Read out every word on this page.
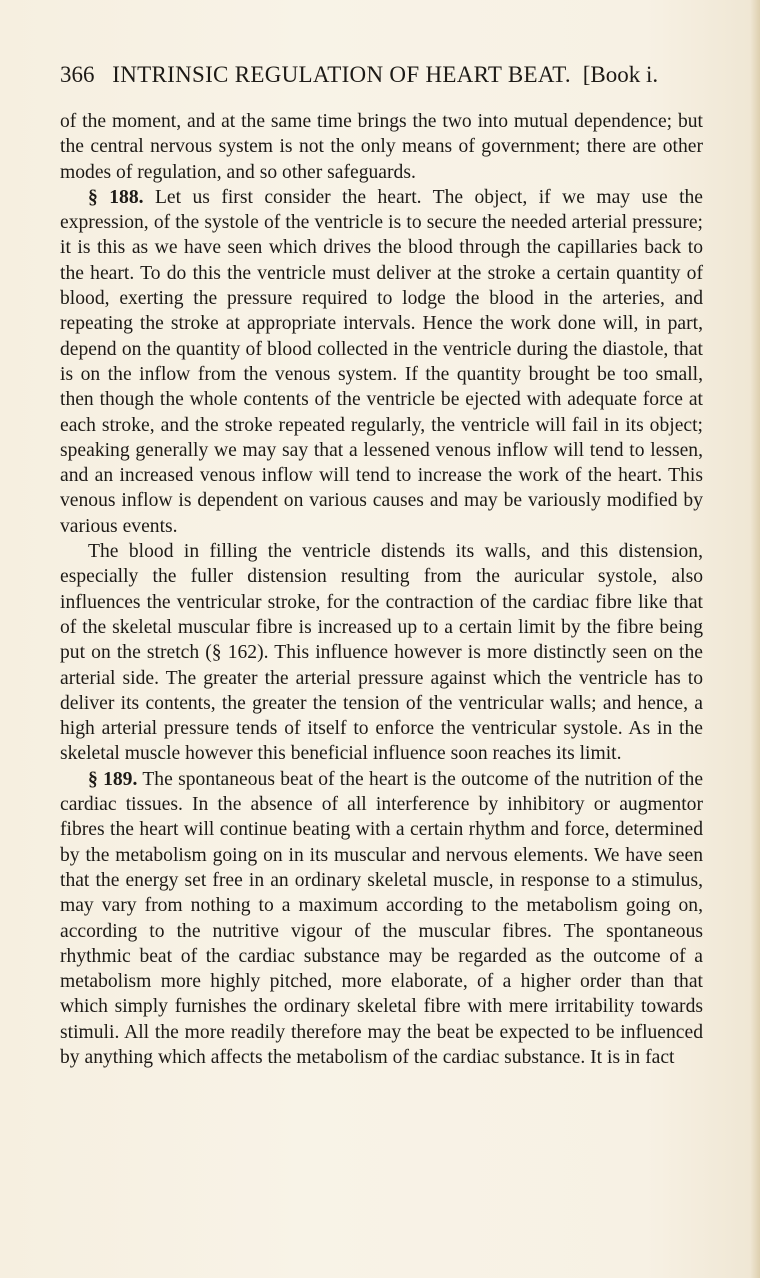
366 INTRINSIC REGULATION OF HEART BEAT. [Book i.

of the moment, and at the same time brings the two into mutual dependence; but the central nervous system is not the only means of government; there are other modes of regulation, and so other safeguards.

§ 188. Let us first consider the heart. The object, if we may use the expression, of the systole of the ventricle is to secure the needed arterial pressure; it is this as we have seen which drives the blood through the capillaries back to the heart. To do this the ventricle must deliver at the stroke a certain quantity of blood, exerting the pressure required to lodge the blood in the arteries, and repeating the stroke at appropriate intervals. Hence the work done will, in part, depend on the quantity of blood collected in the ventricle during the diastole, that is on the inflow from the venous system. If the quantity brought be too small, then though the whole contents of the ventricle be ejected with adequate force at each stroke, and the stroke repeated regularly, the ventricle will fail in its object; speaking generally we may say that a lessened venous inflow will tend to lessen, and an increased venous inflow will tend to increase the work of the heart. This venous inflow is dependent on various causes and may be variously modified by various events.

The blood in filling the ventricle distends its walls, and this distension, especially the fuller distension resulting from the auricular systole, also influences the ventricular stroke, for the contraction of the cardiac fibre like that of the skeletal muscular fibre is increased up to a certain limit by the fibre being put on the stretch (§ 162). This influence however is more distinctly seen on the arterial side. The greater the arterial pressure against which the ventricle has to deliver its contents, the greater the tension of the ventricular walls; and hence, a high arterial pressure tends of itself to enforce the ventricular systole. As in the skeletal muscle however this beneficial influence soon reaches its limit.

§ 189. The spontaneous beat of the heart is the outcome of the nutrition of the cardiac tissues. In the absence of all interference by inhibitory or augmentor fibres the heart will continue beating with a certain rhythm and force, determined by the metabolism going on in its muscular and nervous elements. We have seen that the energy set free in an ordinary skeletal muscle, in response to a stimulus, may vary from nothing to a maximum according to the metabolism going on, according to the nutritive vigour of the muscular fibres. The spontaneous rhythmic beat of the cardiac substance may be regarded as the outcome of a metabolism more highly pitched, more elaborate, of a higher order than that which simply furnishes the ordinary skeletal fibre with mere irritability towards stimuli. All the more readily therefore may the beat be expected to be influenced by anything which affects the metabolism of the cardiac substance. It is in fact
